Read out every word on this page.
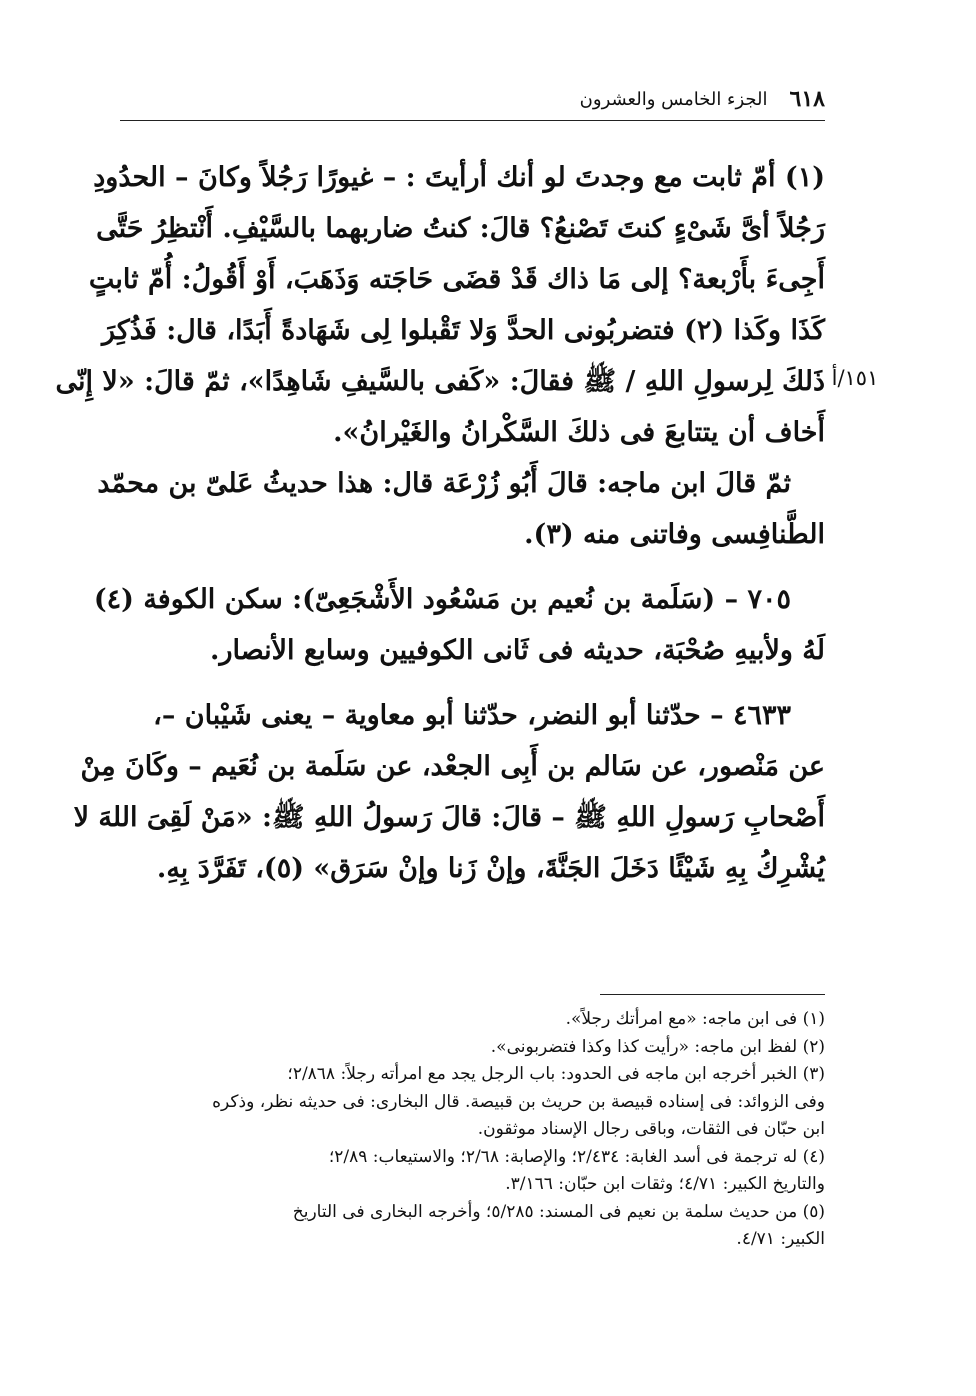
الجزء الخامس والعشرون ٦١٨
١٥١/أ

(١) أمّ ثابت مع وجدتَ لو أنك أرأيتَ : – غيورًا رَجُلاً وكانَ – الحدُودِ
رَجُلاً أىَّ شَىْءٍ كنتَ تَصْنعُ؟ قالَ: كنتُ ضاربهما بالسَّيْفِ. أَنْتظِرُ حَتَّى
أَجِىءَ بأَرْبعة؟ إلى مَا ذاك قَدْ قضَى حَاجَته وَذَهَبَ، أَوْ أَقُولُ: أُمّ ثابتٍ
كَذَا وكَذا (٢) فتضربُونى الحدَّ وَلا تَقْبلوا لِى شَهَادةً أَبَدًا، قال: فَذُكِرَ
ذَلكَ لِرسولِ اللهِ / ﷺ فقالَ: «كَفى بالسَّيفِ شَاهِدًا»، ثمّ قالَ: «لا إِنّى
أَخاف أن يتتابعَ فى ذلكَ السَّكْرانُ والغَيْرانُ».

ثمّ قالَ ابن ماجه: قالَ أَبُو زُرْعَة قال: هذا حديثُ عَلىّ بن محمّد
الطَّنافِسى وفاتنى منه (٣).

٧٠٥ – (سَلَمة بن نُعيم بن مَسْعُود الأَشْجَعِىّ): سكن الكوفة (٤)
لَهُ ولأبيهِ صُحْبَة، حديثه فى ثَانى الكوفيين وسابع الأنصار.

٤٦٣٣ – حدّثنا أبو النضر، حدّثنا أبو معاوية – يعنى شَيْبان –،
عن مَنْصور، عن سَالم بن أَبِى الجعْد، عن سَلَمة بن نُعَيم – وكَانَ مِنْ
أَصْحابِ رَسولِ اللهِ ﷺ – قالَ: قالَ رَسولُ اللهِ ﷺ: «مَنْ لَقِىَ اللهَ لا
يُشْرِكُ بِهِ شَيْئًا دَخَلَ الجَنَّةَ، وإنْ زَنا وإنْ سَرَق» (٥)، تَفَرَّدَ بِهِ.

(١) فى ابن ماجه: «مع امرأتك رجلاً».

(٢) لفظ ابن ماجه: «رأيت كذا وكذا فتضربونى».

(٣) الخبر أخرجه ابن ماجه فى الحدود: باب الرجل يجد مع امرأته رجلاً: ٢/٨٦٨؛
وفى الزوائد: فى إسناده قبيصة بن حريث بن قبيصة. قال البخارى: فى حديثه نظر، وذكره
ابن حبّان فى الثقات، وباقى رجال الإسناد موثقون.

(٤) له ترجمة فى أسد الغابة: ٢/٤٣٤؛ والإصابة: ٢/٦٨؛ والاستيعاب: ٢/٨٩؛
والتاريخ الكبير: ٤/٧١؛ وثقات ابن حبّان: ٣/١٦٦.

(٥) من حديث سلمة بن نعيم فى المسند: ٥/٢٨٥؛ وأخرجه البخارى فى التاريخ
الكبير: ٤/٧١.
